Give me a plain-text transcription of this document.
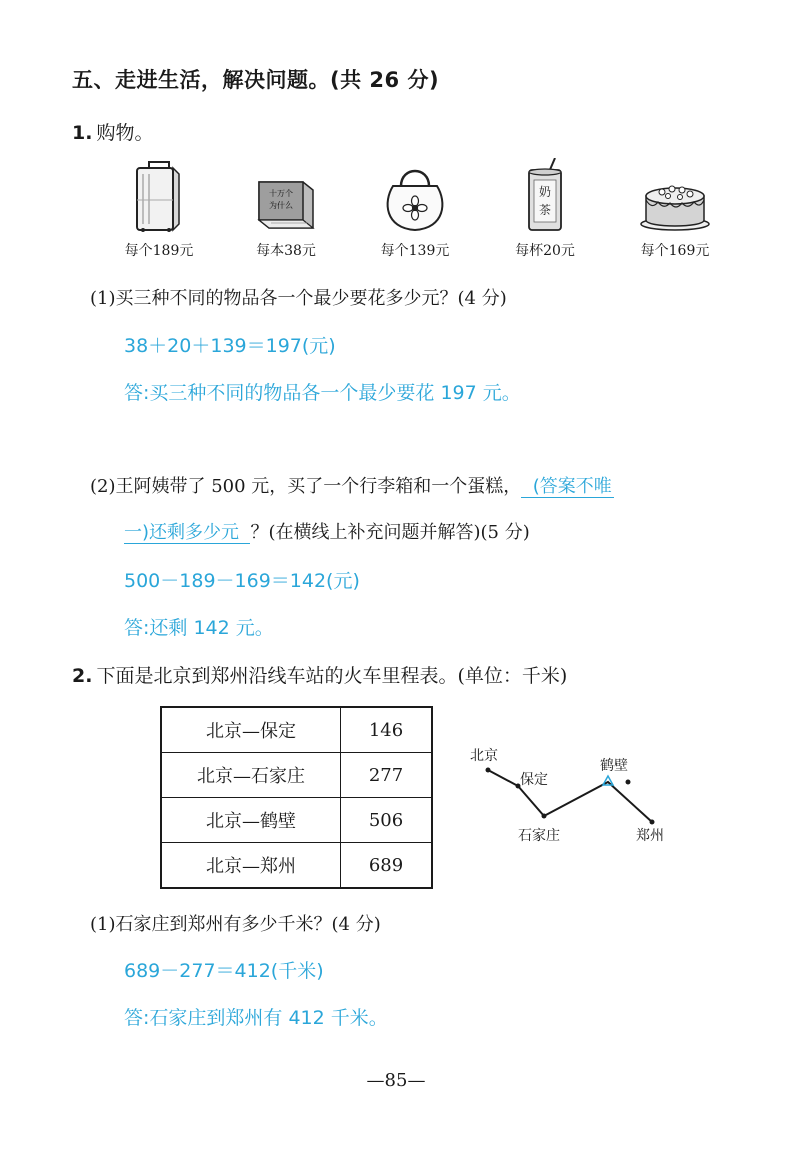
五、走进生活，解决问题。(共 26 分)
1. 购物。
每个189元
十万个
为什么
每本38元	每个139元
奶
茶
每杯20元	每个169元
(1)买三种不同的物品各一个最少要花多少元？(4 分)
38＋20＋139＝197(元)
答:买三种不同的物品各一个最少要花 197 元。
(2)王阿姨带了 500 元，买了一个行李箱和一个蛋糕，  (答案不唯
一)还剩多少元  ？(在横线上补充问题并解答)(5 分)
500－189－169＝142(元)
答:还剩 142 元。
2. 下面是北京到郑州沿线车站的火车里程表。(单位：千米)
北京—保定	146
北京—石家庄	277
北京—鹤壁	506
北京—郑州	689
北京
保定
石家庄
鹤壁
郑州
(1)石家庄到郑州有多少千米？(4 分)
689－277＝412(千米)
答:石家庄到郑州有 412 千米。
—85—
